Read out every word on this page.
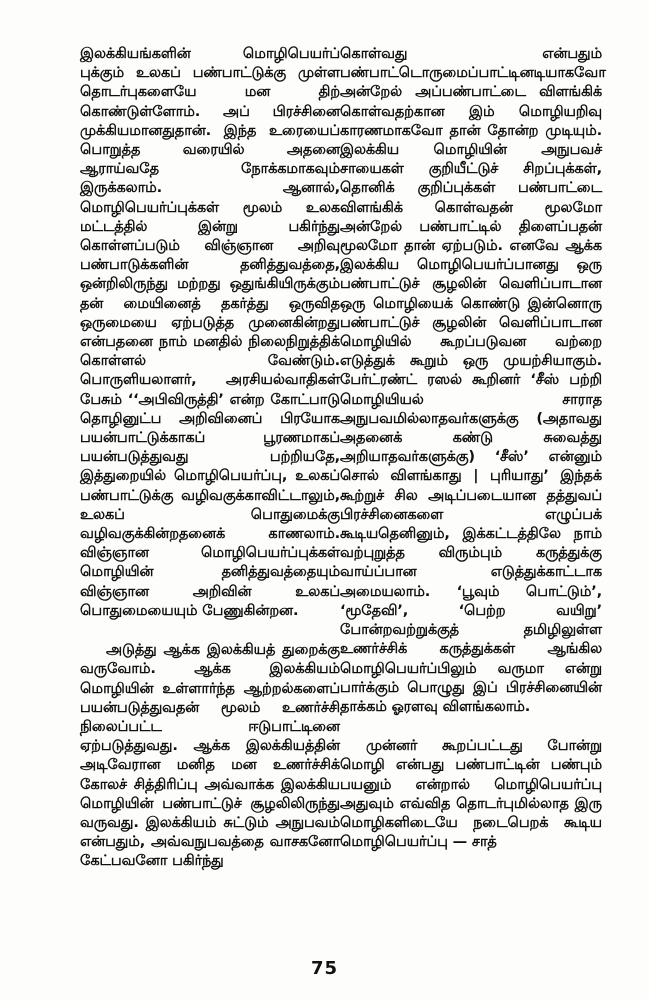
இலக்கியங்களின் மொழிபெயர்ப் புக்கும் உலகப் பண்பாட்டுக்கு முள்ள தொடர்புகளையே மன திற் கொண்டுள்ளோம். அப் பிரச்சினை முக்கியமானதுதான். இந்த உரையைப் பொறுத்த வரையில் அதனை ஆராய்வதே நோக்கமாகவும் இருக்கலாம். ஆனால், மொழிபெயர்ப்புக்கள் மூலம் உலக மட்டத்தில் இன்று பகிர்ந்து கொள்ளப்படும் விஞ்ஞான அறிவு பண்பாடுக்களின் தனித்துவத்தை, ஒன்றிலிருந்து மற்றது ஒதுங்கியிருக்கும் தன் மையினைத் தகர்த்து ஒருவித ஒருமையை ஏற்படுத்த முனைகின்றது என்பதனை நாம் மனதில் நிலைநிறுத்திக் கொள்ளல் வேண்டும். பொருளியலாளர், அரசியல்வாதிகள் பேசும் ‘‘அபிவிருத்தி’ என்ற கோட்பாடு தொழினுட்ப அறிவினைப் பிரயோக பயன்பாட்டுக்காகப் பூரணமாகப் பயன்படுத்துவது பற்றியதே, இத்துறையில் மொழிபெயர்ப்பு, உலகப் பண்பாட்டுக்கு வழிவகுக்காவிட்டாலும், உலகப் பொதுமைக்கு வழிவகுக்கின்றதனைக் காணலாம். விஞ்ஞான மொழிபெயர்ப்புக்கள் மொழியின் தனித்துவத்தையும் விஞ்ஞான அறிவின் உலகப் பொதுமையையும் பேணுகின்றன.

அடுத்து ஆக்க இலக்கியத் துறைக்கு வருவோம். ஆக்க இலக்கியம் மொழியின் உள்ளார்ந்த ஆற்றல்களைப் பயன்படுத்துவதன் மூலம் உணர்ச்சி நிலைப்பட்ட ஈடுபாட்டினை ஏற்படுத்துவது. ஆக்க இலக்கியத்தின் அடிவேரான மனித மன உணர்ச்சிக் கோலச் சித்திரிப்பு அவ்வாக்க இலக்கிய மொழியின் பண்பாட்டுச் சூழலிலிருந்து வருவது. இலக்கியம் சுட்டும் அநுபவம் என்பதும், அவ்வநுபவத்தை வாசகனோ கேட்பவனோ பகிர்ந்து

கொள்வது என்பதும் பண்பாட்டொருமைப்பாட்டினடியாகவோ அன்றேல் அப்பண்பாட்டை விளங்கிக் கொள்வதற்கான இம் மொழியறிவு காரணமாகவோ தான் தோன்ற முடியும். இலக்கிய மொழியின் அநுபவச் சாயைகள் குறியீட்டுச் சிறப்புக்கள், தொனிக் குறிப்புக்கள் பண்பாட்டை விளங்கிக் கொள்வதன் மூலமோ அன்றேல் பண்பாட்டில் திளைப்பதன் மூலமோ தான் ஏற்படும். எனவே ஆக்க இலக்கிய மொழிபெயர்ப்பானது ஒரு பண்பாட்டுச் சூழலின் வெளிப்பாடான ஒரு மொழியைக் கொண்டு இன்னொரு பண்பாட்டுச் சூழலின் வெளிப்பாடான மொழியில் கூறப்படுவன வற்றை எடுத்துக் கூறும் ஒரு முயற்சியாகும். பேர்ட்ரண்ட் ரஸல் கூறினர் ‘சீஸ் பற்றி மொழியியல் சாராத அநுபவமில்லாதவர்களுக்கு (அதாவது அதனைக் கண்டு சுவைத்து அறியாதவர்களுக்கு) ‘சீஸ்’ என்னும் சொல் விளங்காது | புரியாது’ இந்தக் கூற்றுச் சில அடிப்படையான தத்துவப் பிரச்சினைகளை எழுப்பக் கூடியதெனினும், இக்கட்டத்திலே நாம் வற்புறுத்த விரும்பும் கருத்துக்கு வாய்ப்பான எடுத்துக்காட்டாக அமையலாம். ‘பூவும் பொட்டும்’, ‘மூதேவி’, ‘பெற்ற வயிறு’ போன்றவற்றுக்குத் தமிழிலுள்ள உணர்ச்சிக் கருத்துக்கள் ஆங்கில மொழிபெயர்ப்பிலும் வருமா என்று பார்க்கும் பொழுது இப் பிரச்சினையின் தாக்கம் ஓரளவு விளங்கலாம்.

முன்னர் கூறப்பட்டது போன்று மொழி என்பது பண்பாட்டின் பண்பும் பயனும் என்றால் மொழிபெயர்ப்பு அதுவும் எவ்வித தொடர்புமில்லாத இரு மொழிகளிடையே நடைபெறக் கூடிய மொழிபெயர்ப்பு — சாத்

75
